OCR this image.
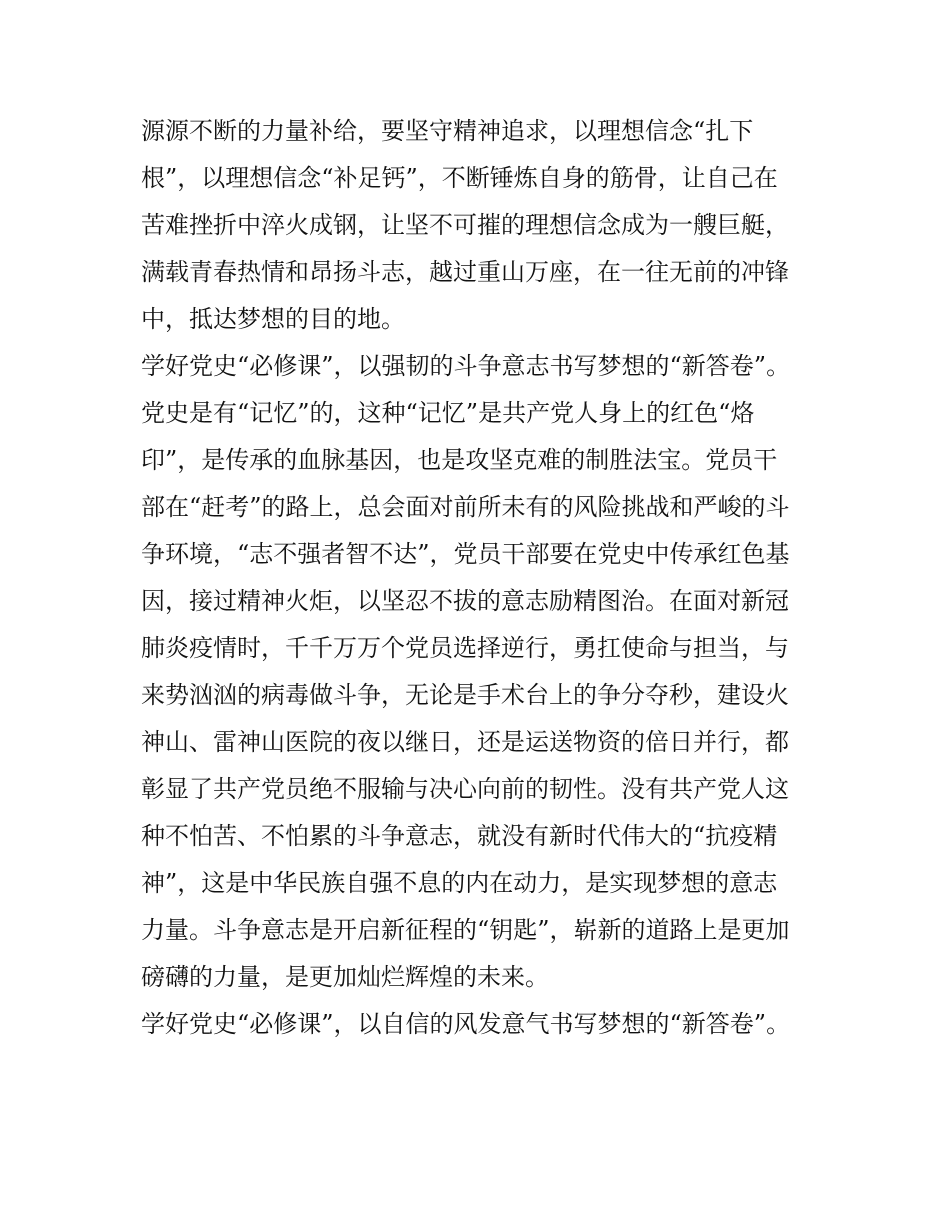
源源不断的力量补给，要坚守精神追求，以理想信念“扎下
根”，以理想信念“补足钙”，不断锤炼自身的筋骨，让自己在
苦难挫折中淬火成钢，让坚不可摧的理想信念成为一艘巨艇，
满载青春热情和昂扬斗志，越过重山万座，在一往无前的冲锋
中，抵达梦想的目的地。
学好党史“必修课”，以强韧的斗争意志书写梦想的“新答卷”。
党史是有“记忆”的，这种“记忆”是共产党人身上的红色“烙
印”，是传承的血脉基因，也是攻坚克难的制胜法宝。党员干
部在“赶考”的路上，总会面对前所未有的风险挑战和严峻的斗
争环境，“志不强者智不达”，党员干部要在党史中传承红色基
因，接过精神火炬，以坚忍不拔的意志励精图治。在面对新冠
肺炎疫情时，千千万万个党员选择逆行，勇扛使命与担当，与
来势汹汹的病毒做斗争，无论是手术台上的争分夺秒，建设火
神山、雷神山医院的夜以继日，还是运送物资的倍日并行，都
彰显了共产党员绝不服输与决心向前的韧性。没有共产党人这
种不怕苦、不怕累的斗争意志，就没有新时代伟大的“抗疫精
神”，这是中华民族自强不息的内在动力，是实现梦想的意志
力量。斗争意志是开启新征程的“钥匙”，崭新的道路上是更加
磅礴的力量，是更加灿烂辉煌的未来。
学好党史“必修课”，以自信的风发意气书写梦想的“新答卷”。
